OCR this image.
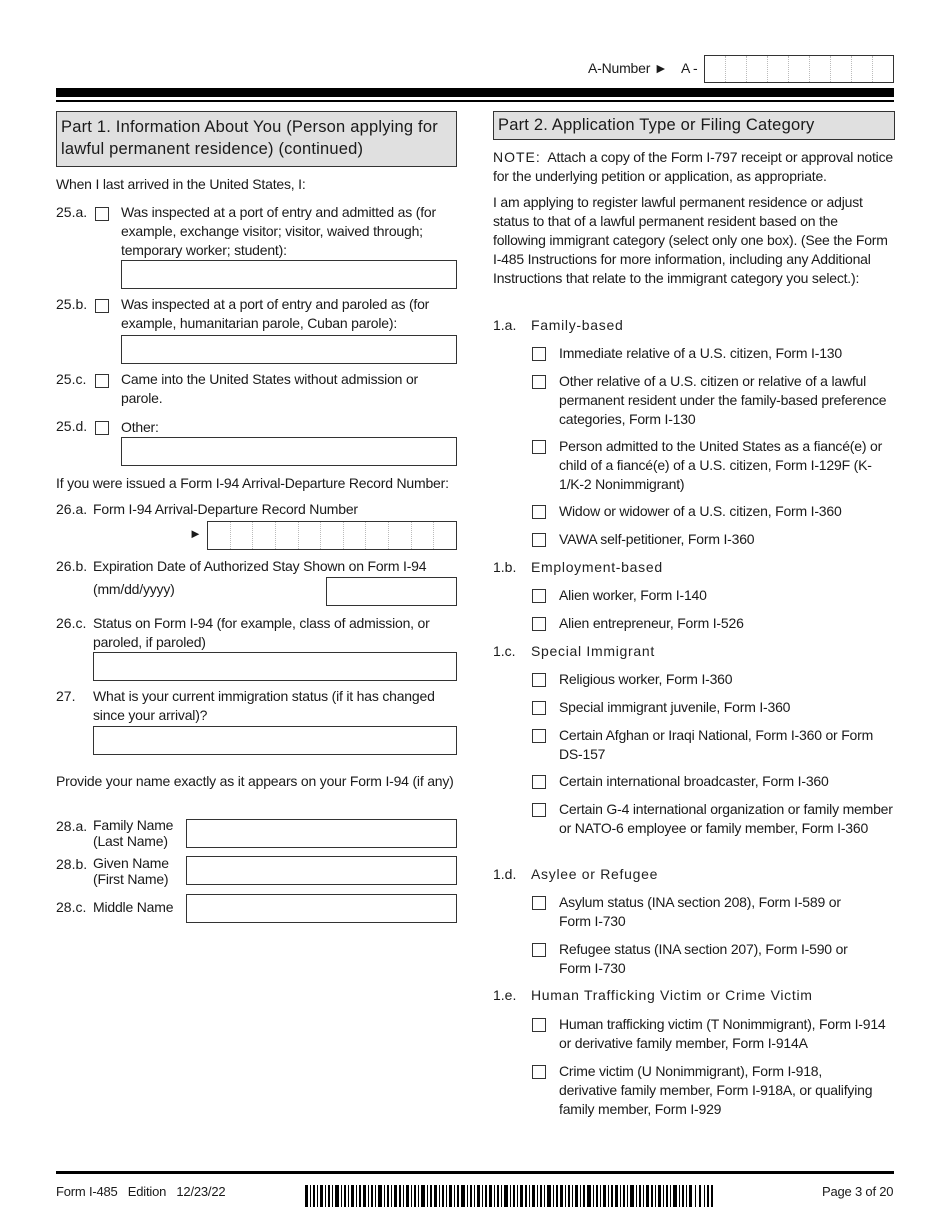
A-Number ► A -
Part 1. Information About You (Person applying for lawful permanent residence) (continued)
When I last arrived in the United States, I:
25.a. Was inspected at a port of entry and admitted as (for example, exchange visitor; visitor, waived through; temporary worker; student):
25.b. Was inspected at a port of entry and paroled as (for example, humanitarian parole, Cuban parole):
25.c. Came into the United States without admission or parole.
25.d. Other:
If you were issued a Form I-94 Arrival-Departure Record Number:
26.a. Form I-94 Arrival-Departure Record Number
►
26.b. Expiration Date of Authorized Stay Shown on Form I-94
(mm/dd/yyyy)
26.c. Status on Form I-94 (for example, class of admission, or paroled, if paroled)
27. What is your current immigration status (if it has changed since your arrival)?
Provide your name exactly as it appears on your Form I-94 (if any)
28.a. Family Name
(Last Name)
28.b. Given Name
(First Name)
28.c. Middle Name
Part 2. Application Type or Filing Category
NOTE: Attach a copy of the Form I-797 receipt or approval notice for the underlying petition or application, as appropriate.
I am applying to register lawful permanent residence or adjust status to that of a lawful permanent resident based on the following immigrant category (select only one box). (See the Form I-485 Instructions for more information, including any Additional Instructions that relate to the immigrant category you select.):
1.a. Family-based
Immediate relative of a U.S. citizen, Form I-130
Other relative of a U.S. citizen or relative of a lawful permanent resident under the family-based preference categories, Form I-130
Person admitted to the United States as a fiancé(e) or child of a fiancé(e) of a U.S. citizen, Form I-129F (K-1/K-2 Nonimmigrant)
Widow or widower of a U.S. citizen, Form I-360
VAWA self-petitioner, Form I-360
1.b. Employment-based
Alien worker, Form I-140
Alien entrepreneur, Form I-526
1.c. Special Immigrant
Religious worker, Form I-360
Special immigrant juvenile, Form I-360
Certain Afghan or Iraqi National, Form I-360 or Form DS-157
Certain international broadcaster, Form I-360
Certain G-4 international organization or family member or NATO-6 employee or family member, Form I-360
1.d. Asylee or Refugee
Asylum status (INA section 208), Form I-589 or Form I-730
Refugee status (INA section 207), Form I-590 or Form I-730
1.e. Human Trafficking Victim or Crime Victim
Human trafficking victim (T Nonimmigrant), Form I-914 or derivative family member, Form I-914A
Crime victim (U Nonimmigrant), Form I-918, derivative family member, Form I-918A, or qualifying family member, Form I-929
Form I-485   Edition   12/23/22	Page 3 of 20
